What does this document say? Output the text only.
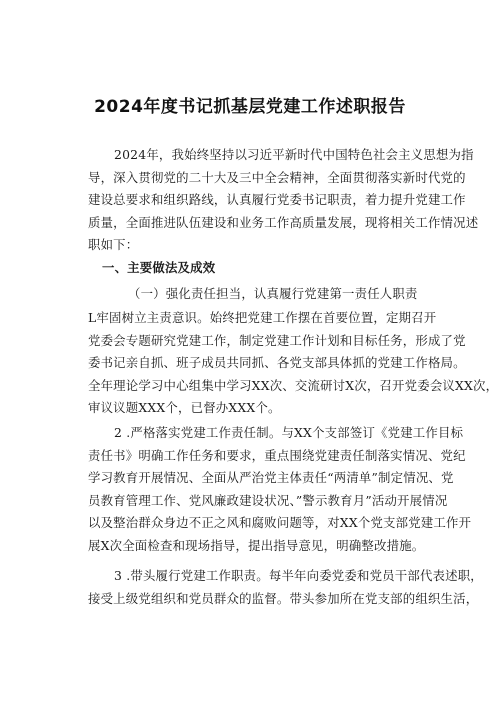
2024年度书记抓基层党建工作述职报告
2024年，我始终坚持以习近平新时代中国特色社会主义思想为指
导，深入贯彻党的二十大及三中全会精神，全面贯彻落实新时代党的
建设总要求和组织路线，认真履行党委书记职责，着力提升党建工作
质量，全面推进队伍建设和业务工作高质量发展，现将相关工作情况述
职如下：
一、主要做法及成效
（一）强化责任担当，认真履行党建第一责任人职责
L牢固树立主责意识。始终把党建工作摆在首要位置，定期召开
党委会专题研究党建工作，制定党建工作计划和目标任务，形成了党
委书记亲自抓、班子成员共同抓、各党支部具体抓的党建工作格局。
全年理论学习中心组集中学习XX次、交流研讨X次，召开党委会议XX次，
审议议题XXX个，已督办XXX个。
2 .严格落实党建工作责任制。与XX个支部签订《党建工作目标
责任书》明确工作任务和要求，重点围绕党建责任制落实情况、党纪
学习教育开展情况、全面从严治党主体责任“两清单”制定情况、党
员教育管理工作、党风廉政建设状况、”警示教育月”活动开展情况
以及整治群众身边不正之风和腐败问题等，对XX个党支部党建工作开
展X次全面检查和现场指导，提出指导意见，明确整改措施。
3 .带头履行党建工作职责。每半年向委党委和党员干部代表述职，
接受上级党组织和党员群众的监督。带头参加所在党支部的组织生活，
